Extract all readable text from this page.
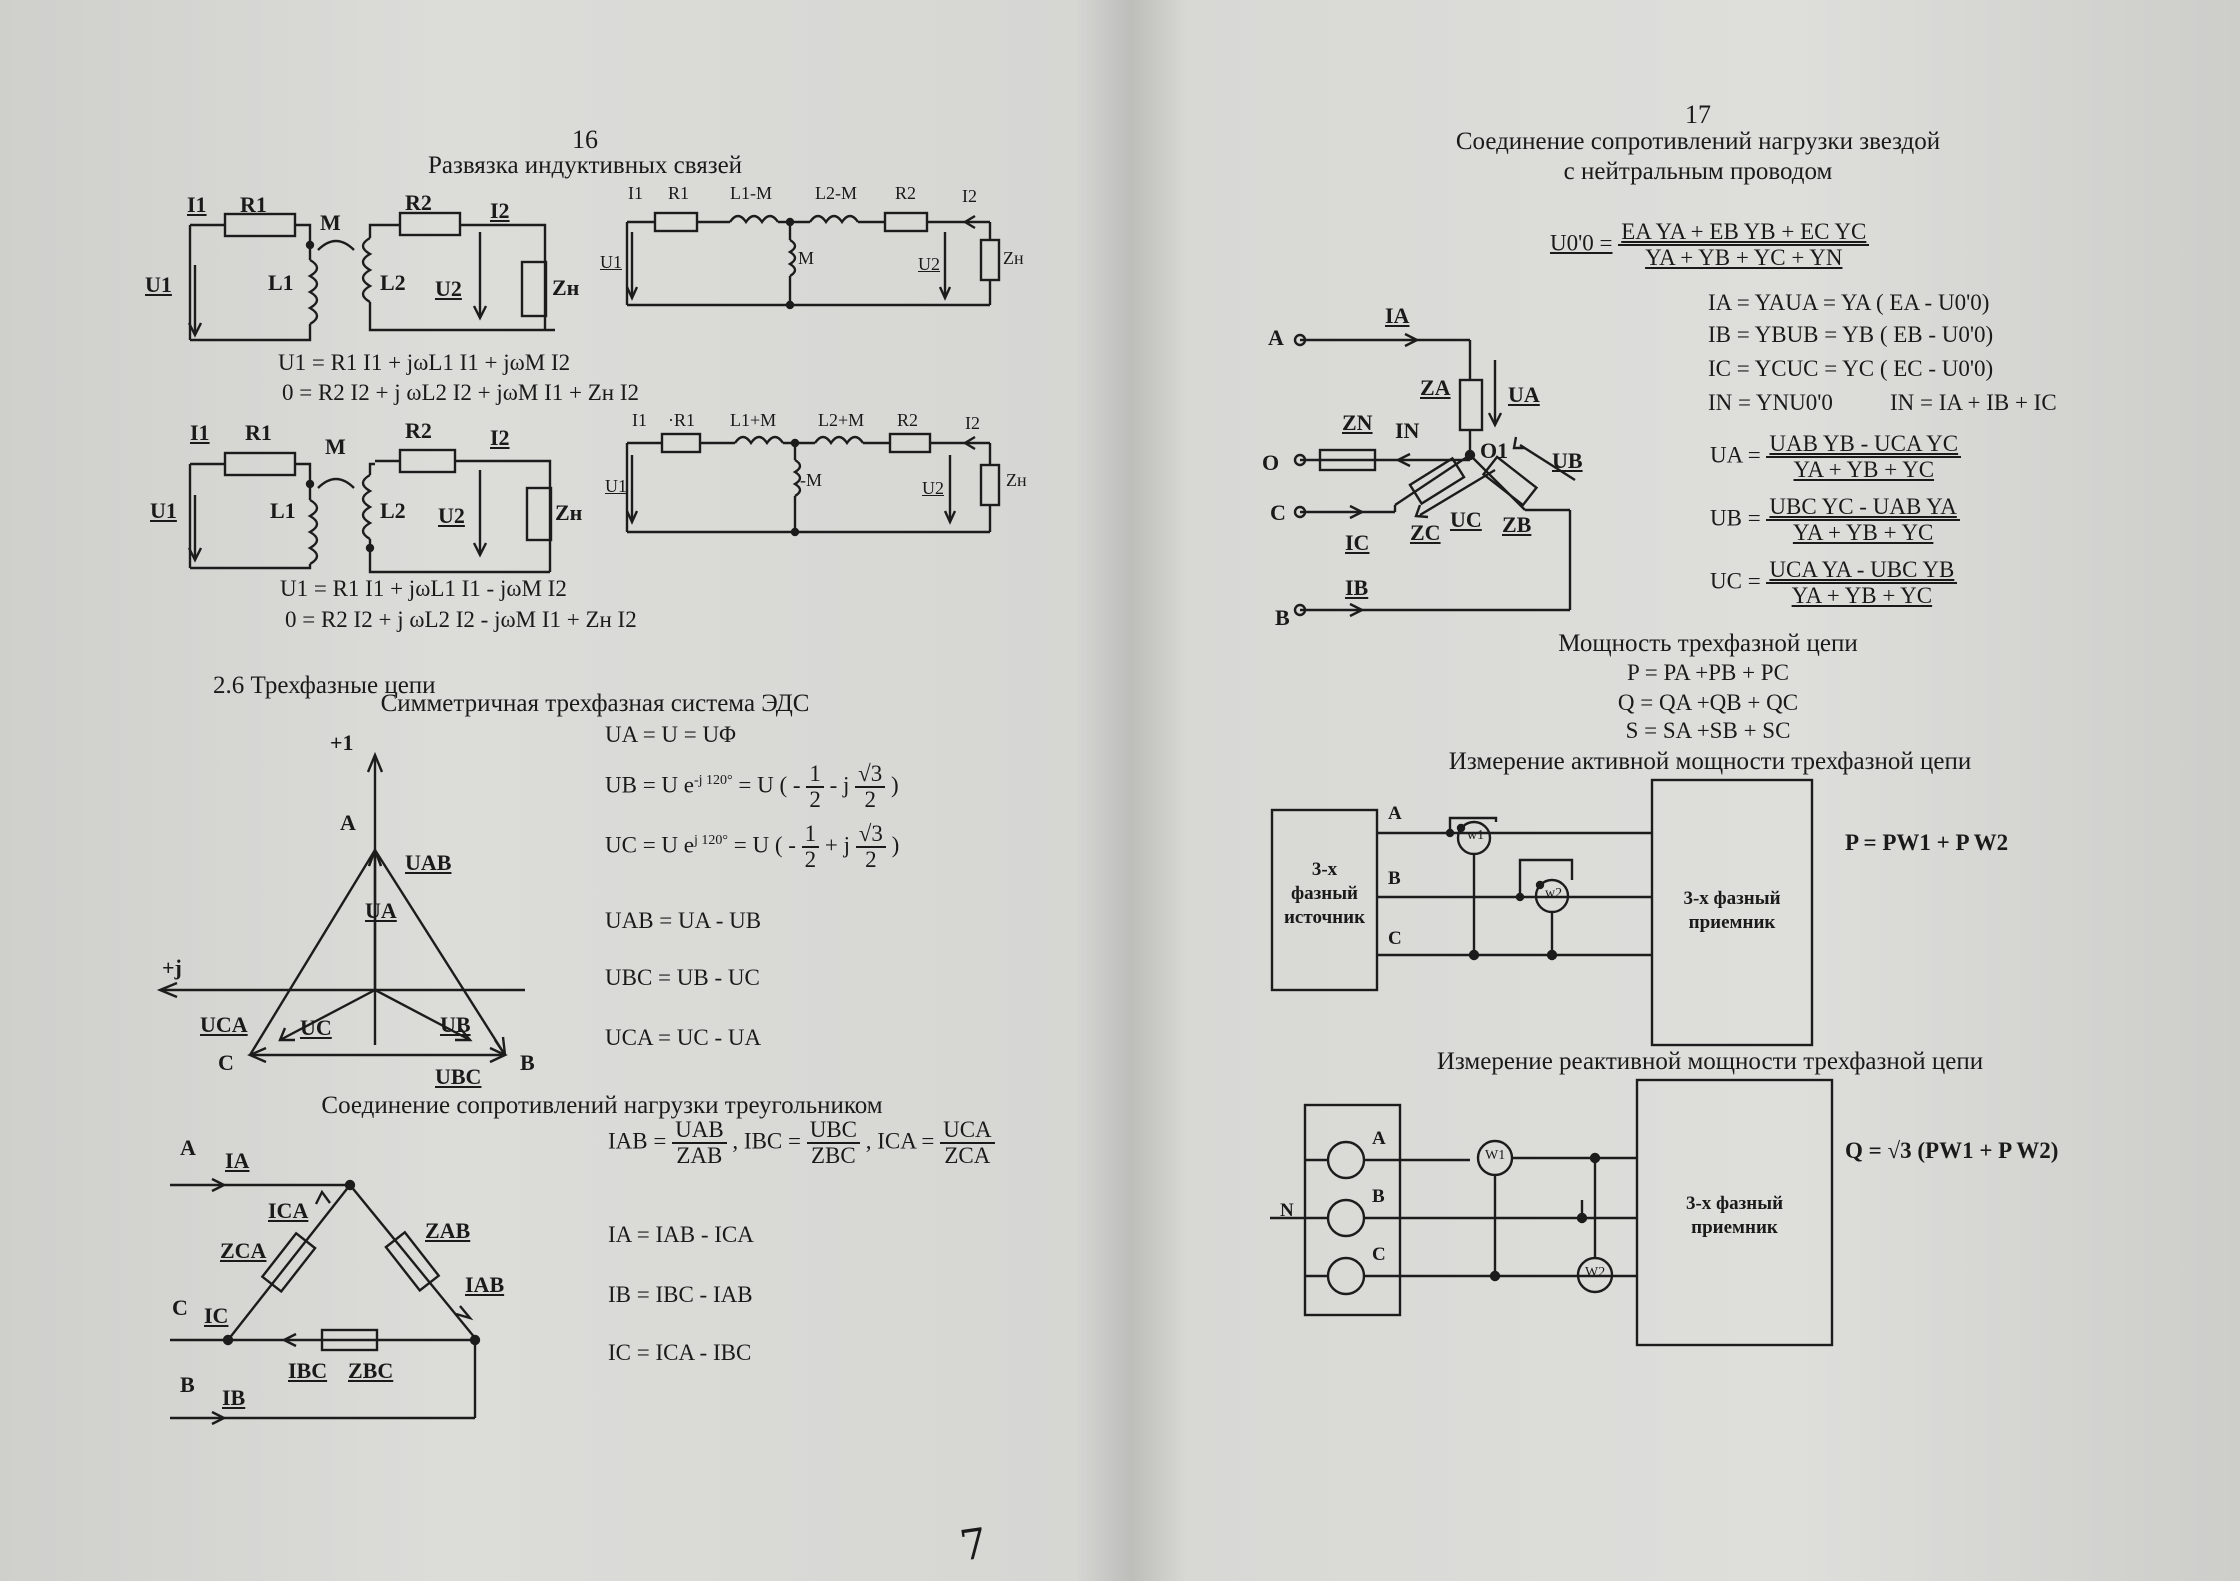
16
Развязка индуктивных связей
I1 R1
M
L1
R2	I2
L2 U2	Zн
U1
I1 R1 L1-M L2-M R2	I2
M
U1	U2	Zн
U1 = R1 I1 + jωL1 I1 + jωM I2
0 = R2 I2 + j ωL2 I2 + jωM I1 + Zн I2
I1 R1
M
L1
R2	I2
L2 U2	Zн
U1
I1 ·R1 L1+M L2+M R2	I2
-M
U1	U2	Zн
U1 = R1 I1 + jωL1 I1 - jωM I2
0 = R2 I2 + j ωL2 I2 - jωM I1 + Zн I2
2.6 Трехфазные цепи
Симметричная трехфазная система ЭДС
+1
+j
A
UAB
UA
UC	UB
UCA
C	B
UBC
UA = U = UΦ
UB = U $e^{-j 120^\circ} = U$ ( - $\frac{1}{2}$ - j $\frac{√3}{2}$ )
UC = U $e^{j 120^\circ} = U$ ( - $\frac{1}{2} + j \frac{√3}{2}$ )
UAB = UA - UB
UBC = UB - UC
UCA = UC - UA
Соединение сопротивлений нагрузки треугольником
A
IA
ICA
ZAB
ZCA
IAB
C IC
IBC ZBC
B
IB
IAB = UAB
ZAB
, IBC = UBC
ZBC
, ICA = UCA
ZCA
IA = IAB - ICA
IB = IBC - IAB
IC = ICA - IBC
17
Соединение сопротивлений нагрузки звездой
с нейтральным проводом
$U0'0 = \frac{\text{EA YA + EB YB + EC YC}}{YA + YB + YC + YN}$
IA = YAUA = YA ( EA - U0'0)
IB = YBUB = YB ( EB - U0'0)
IC = YCUC = YC ( EC - U0'0)
IN = YNU0'0 IN = IA + IB + IC
UA = UAB YB - UCA YC
YA + YB + YC
UB = UBC YC - UAB YA
YA + YB + YC
UC = UCA YA - UBC YB
YA + YB + YC
A
IA
ZA	UA
ZN IN
O	O1 UB
C
ZC
UC ZB
IC
IB
B
Мощность трехфазной цепи
P = PA +PB + PC
Q = QA +QB + QC
S = SA +SB + SC
Измерение активной мощности трехфазной цепи
3-х
фазный
источник
A
B
C
w1
w2	3-х фазный
приемник
P = PW1 + P W2
Измерение реактивной мощности трехфазной цепи
N
A
B
C
W1
W2
3-х фазный
приемник
Q = √3 (PW1 + P W2)
7
